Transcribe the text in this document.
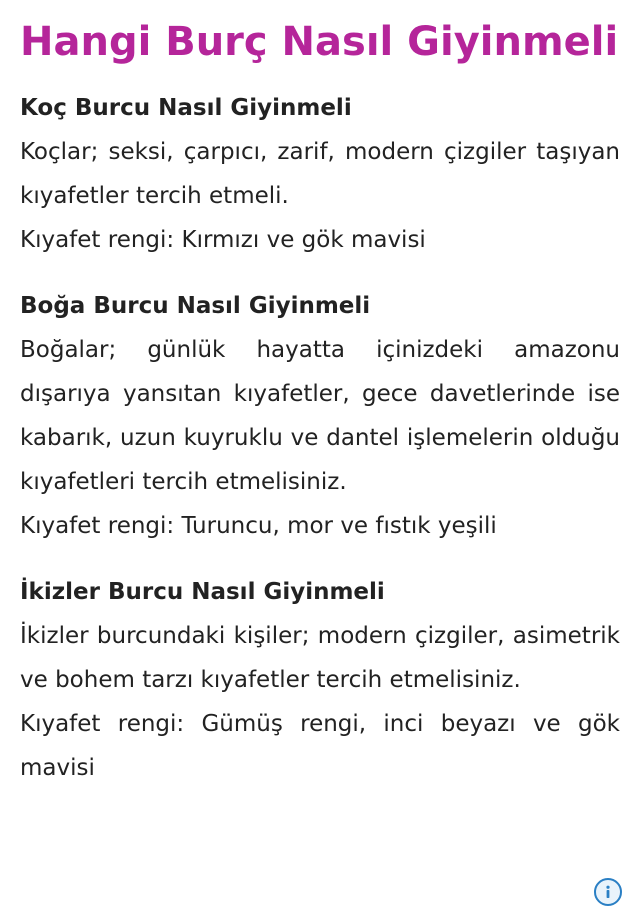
Hangi Burç Nasıl Giyinmeli

Koç Burcu Nasıl Giyinmeli

Koçlar; seksi, çarpıcı, zarif, modern çizgiler taşıyan kıyafetler tercih etmeli.

Kıyafet rengi: Kırmızı ve gök mavisi

Boğa Burcu Nasıl Giyinmeli

Boğalar; günlük hayatta içinizdeki amazonu dışarıya yansıtan kıyafetler, gece davetlerinde ise kabarık, uzun kuyruklu ve dantel işlemelerin olduğu kıyafetleri tercih etmelisiniz.

Kıyafet rengi: Turuncu, mor ve fıstık yeşili

İkizler Burcu Nasıl Giyinmeli

İkizler burcundaki kişiler; modern çizgiler, asimetrik ve bohem tarzı kıyafetler tercih etmelisiniz.

Kıyafet rengi: Gümüş rengi, inci beyazı ve gök mavisi
